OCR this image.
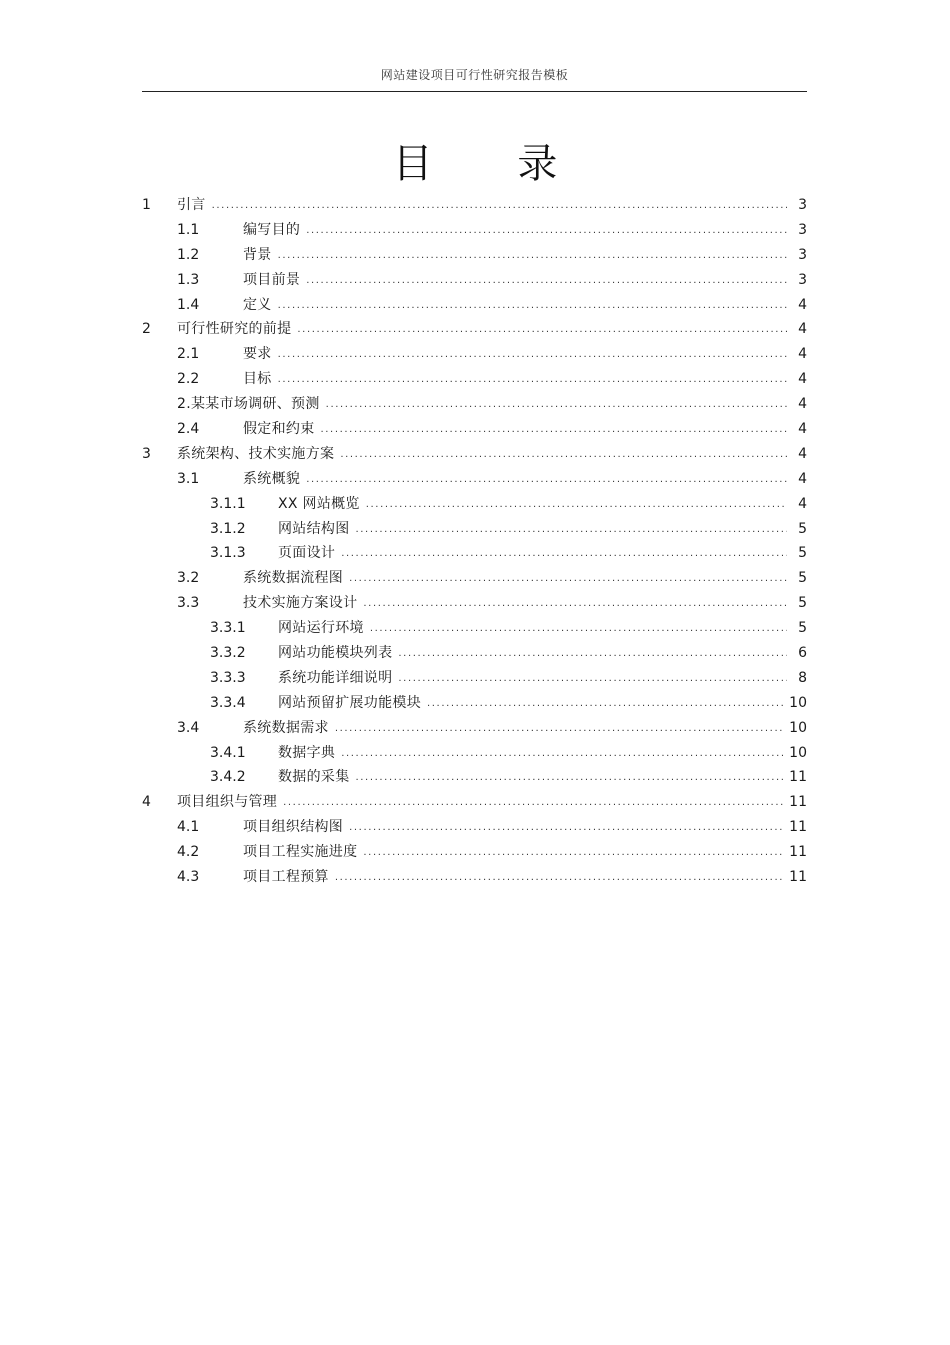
网站建设项目可行性研究报告模板
目 录
1	引言 .....	3
1.1	编写目的 .....	3
1.2	背景 .....	3
1.3	项目前景 .....	3
1.4	定义 .....	4
2	可行性研究的前提 .....	4
2.1	要求 .....	4
2.2	目标 .....	4
2.某某市场调研、预测 .....	4
2.4	假定和约束 .....	4
3	系统架构、技术实施方案 .....	4
3.1	系统概貌 .....	4
3.1.1	XX 网站概览 .....	4
3.1.2	网站结构图 .....	5
3.1.3	页面设计 .....	5
3.2	系统数据流程图 .....	5
3.3	技术实施方案设计 .....	5
3.3.1	网站运行环境 .....	5
3.3.2	网站功能模块列表 .....	6
3.3.3	系统功能详细说明 .....	8
3.3.4	网站预留扩展功能模块 .....	10
3.4	系统数据需求 .....	10
3.4.1	数据字典 .....	10
3.4.2	数据的采集 .....	11
4	项目组织与管理 .....	11
4.1	项目组织结构图 .....	11
4.2	项目工程实施进度 .....	11
4.3	项目工程预算 .....	11
